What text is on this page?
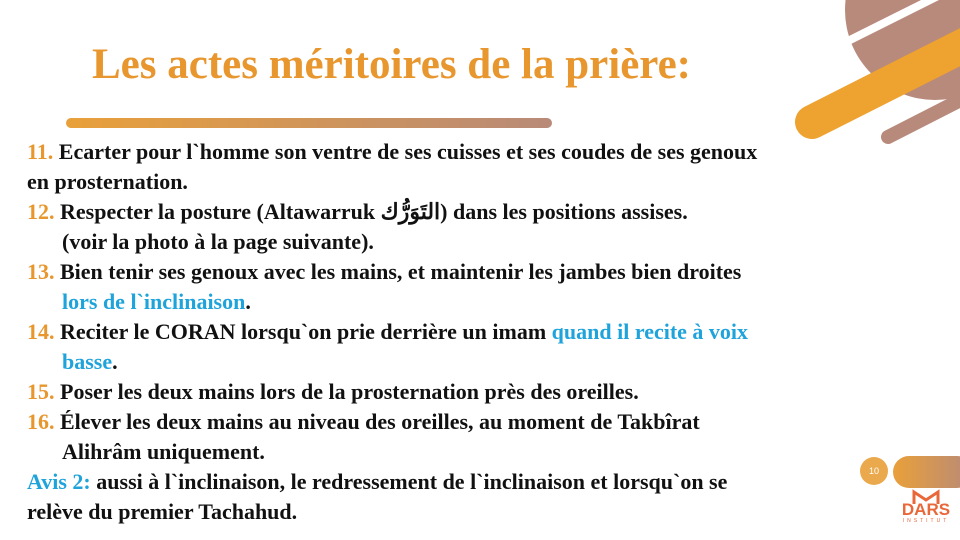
Les actes méritoires de la prière:
11. Ecarter pour l`homme son ventre de ses cuisses et ses coudes de ses genoux
en prosternation.
12. Respecter la posture (Altawarruk التَوَرُّك) dans les positions assises.
(voir la photo à la page suivante).
13. Bien tenir ses genoux avec les mains, et maintenir les jambes bien droites
lors de l`inclinaison.
14. Reciter le CORAN lorsqu`on prie derrière un imam quand il recite à voix
basse.
15. Poser les deux mains lors de la prosternation près des oreilles.
16. Élever les deux mains au niveau des oreilles, au moment de Takbîrat
Alihrâm uniquement.
Avis 2: aussi à l`inclinaison, le redressement de l`inclinaison et lorsqu`on se
relève du premier Tachahud.
10
DARS
INSTITUT
